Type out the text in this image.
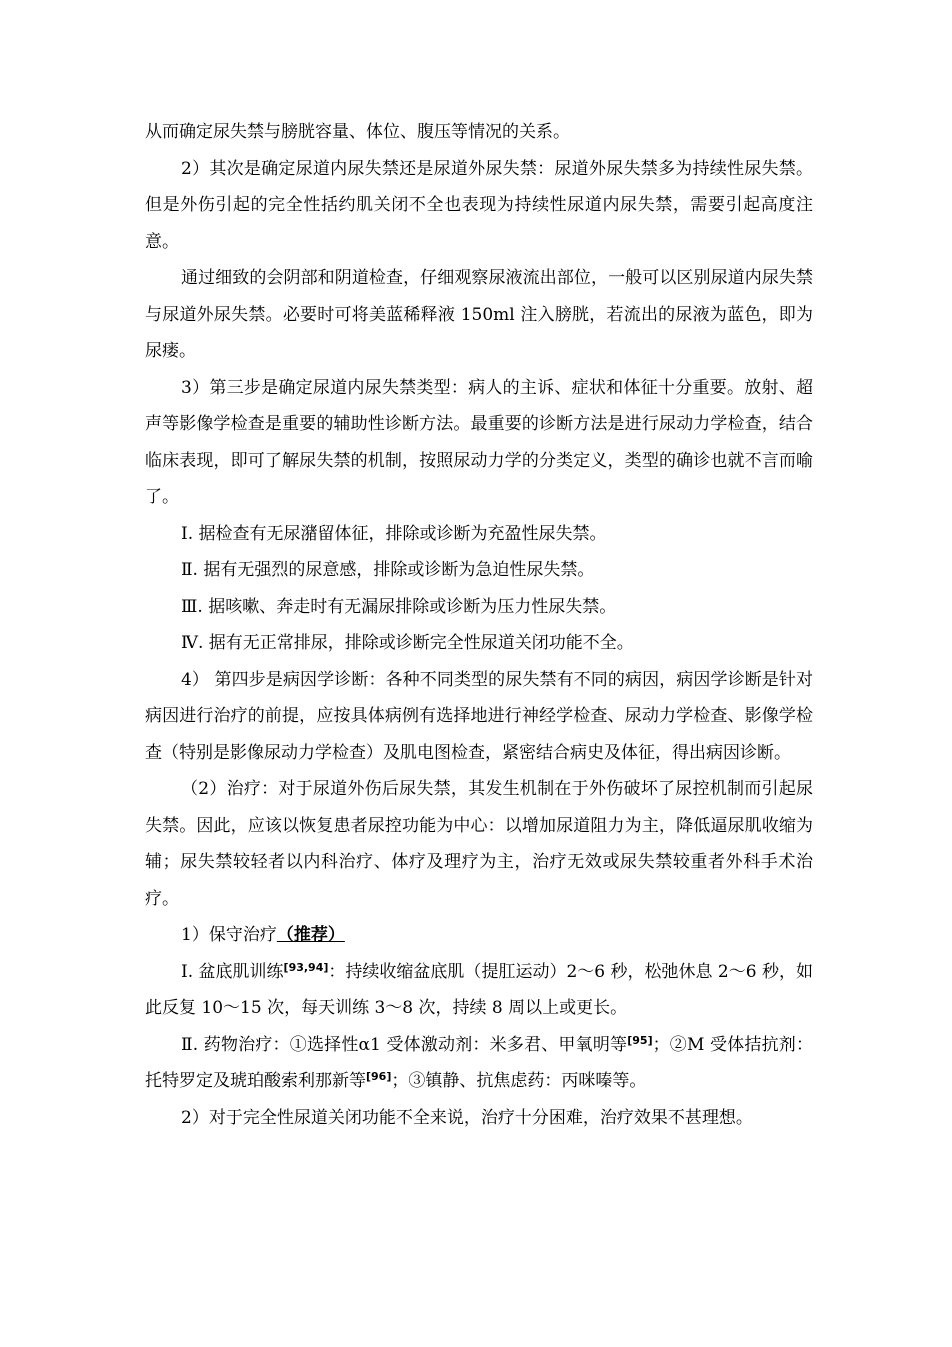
从而确定尿失禁与膀胱容量、体位、腹压等情况的关系。

2）其次是确定尿道内尿失禁还是尿道外尿失禁：尿道外尿失禁多为持续性尿失禁。但是外伤引起的完全性括约肌关闭不全也表现为持续性尿道内尿失禁，需要引起高度注意。

通过细致的会阴部和阴道检查，仔细观察尿液流出部位，一般可以区别尿道内尿失禁与尿道外尿失禁。必要时可将美蓝稀释液 150ml 注入膀胱，若流出的尿液为蓝色，即为尿瘘。

3）第三步是确定尿道内尿失禁类型：病人的主诉、症状和体征十分重要。放射、超声等影像学检查是重要的辅助性诊断方法。最重要的诊断方法是进行尿动力学检查，结合临床表现，即可了解尿失禁的机制，按照尿动力学的分类定义，类型的确诊也就不言而喻了。

Ⅰ. 据检查有无尿潴留体征，排除或诊断为充盈性尿失禁。

Ⅱ. 据有无强烈的尿意感，排除或诊断为急迫性尿失禁。

Ⅲ. 据咳嗽、奔走时有无漏尿排除或诊断为压力性尿失禁。

Ⅳ. 据有无正常排尿，排除或诊断完全性尿道关闭功能不全。

4） 第四步是病因学诊断：各种不同类型的尿失禁有不同的病因，病因学诊断是针对病因进行治疗的前提，应按具体病例有选择地进行神经学检查、尿动力学检查、影像学检查（特别是影像尿动力学检查）及肌电图检查，紧密结合病史及体征，得出病因诊断。

（2）治疗：对于尿道外伤后尿失禁，其发生机制在于外伤破坏了尿控机制而引起尿失禁。因此，应该以恢复患者尿控功能为中心：以增加尿道阻力为主，降低逼尿肌收缩为辅；尿失禁较轻者以内科治疗、体疗及理疗为主，治疗无效或尿失禁较重者外科手术治疗。

1）保守治疗（推荐）

Ⅰ. 盆底肌训练[93,94]：持续收缩盆底肌（提肛运动）2～6 秒，松弛休息 2～6 秒，如此反复 10～15 次，每天训练 3～8 次，持续 8 周以上或更长。

Ⅱ. 药物治疗：①选择性α1 受体激动剂：米多君、甲氧明等[95]；②M 受体拮抗剂：托特罗定及琥珀酸索利那新等[96]；③镇静、抗焦虑药：丙咪嗪等。

2）对于完全性尿道关闭功能不全来说，治疗十分困难，治疗效果不甚理想。
